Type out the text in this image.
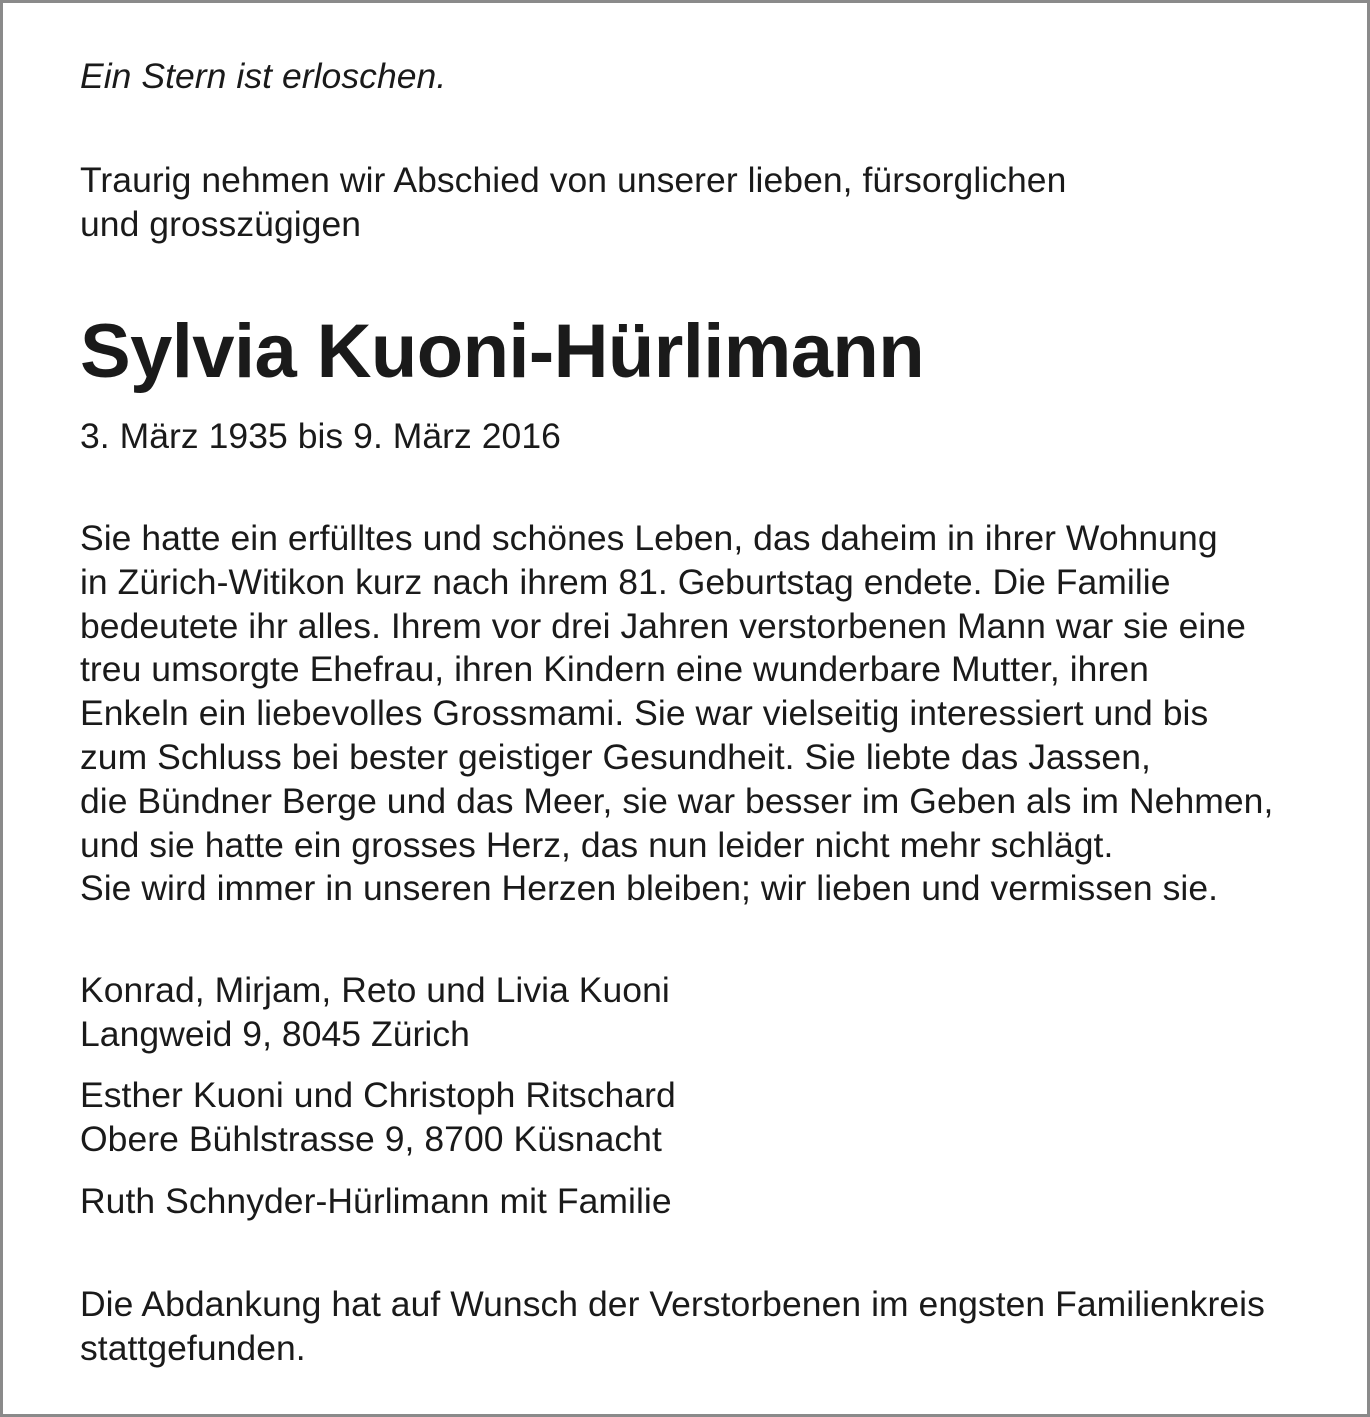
Ein Stern ist erloschen.

Traurig nehmen wir Abschied von unserer lieben, fürsorglichen
und grosszügigen

Sylvia Kuoni-Hürlimann

3. März 1935 bis 9. März 2016

Sie hatte ein erfülltes und schönes Leben, das daheim in ihrer Wohnung
in Zürich-Witikon kurz nach ihrem 81. Geburtstag endete. Die Familie
bedeutete ihr alles. Ihrem vor drei Jahren verstorbenen Mann war sie eine
treu umsorgte Ehefrau, ihren Kindern eine wunderbare Mutter, ihren
Enkeln ein liebevolles Grossmami. Sie war vielseitig interessiert und bis
zum Schluss bei bester geistiger Gesundheit. Sie liebte das Jassen,
die Bündner Berge und das Meer, sie war besser im Geben als im Nehmen,
und sie hatte ein grosses Herz, das nun leider nicht mehr schlägt.
Sie wird immer in unseren Herzen bleiben; wir lieben und vermissen sie.

Konrad, Mirjam, Reto und Livia Kuoni
Langweid 9, 8045 Zürich

Esther Kuoni und Christoph Ritschard
Obere Bühlstrasse 9, 8700 Küsnacht

Ruth Schnyder-Hürlimann mit Familie

Die Abdankung hat auf Wunsch der Verstorbenen im engsten Familienkreis
stattgefunden.
